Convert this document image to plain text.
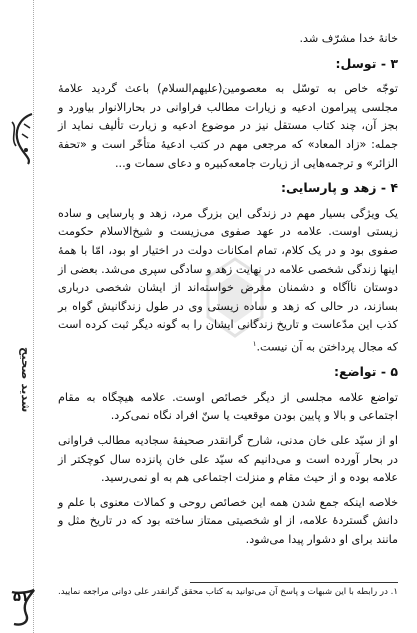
شدید صحیح
۵۱

خانهٔ خدا مشرّف شد.

۳ - توسل:

توجّه خاص به توسّل به معصومین(علیهم‌السلام) باعث گردید علامهٔ مجلسی پیرامون ادعیه و زیارات مطالب فراوانی در بحارالانوار بیاورد و بجز آن، چند کتاب مستقل نیز در موضوع ادعیه و زیارت تألیف نماید از جمله: «زاد المعاد» که مرجعی مهم در کتب ادعیهٔ متأخّر است و «تحفة الزائر» و ترجمه‌هایی از زیارت جامعه‌کبیره و دعای سمات و...

۴ - زهد و پارسایی:

یک ویژگی بسیار مهم در زندگی این بزرگ مرد، زهد و پارسایی و ساده زیستی اوست. علامه در عهد صفوی می‌زیست و شیخ‌الاسلام حکومت صفوی بود و در یک کلام، تمام امکانات دولت در اختیار او بود، امّا با همهٔ اینها زندگی شخصی علامه در نهایت زهد و سادگی سپری می‌شد. بعضی از دوستان ناآگاه و دشمنان مغرض خواسته‌اند از ایشان شخصی درباری بسازند، در حالی که زهد و ساده زیستی وی در طول زندگانیش گواه بر کذب این مدّعاست و تاریخ زندگانی ایشان را به گونه دیگر ثبت کرده است که مجال پرداختن به آن نیست.$^۱$

۵ - تواضع:

تواضع علامه مجلسی از دیگر خصائص اوست. علامه هیچگاه به مقام اجتماعی و بالا و پایین بودن موقعیت یا سنّ افراد نگاه نمی‌کرد.

او از سیّد علی خان مدنی، شارح گرانقدر صحیفهٔ سجادیه مطالب فراوانی در بحار آورده است و می‌دانیم که سیّد علی خان پانزده سال کوچکتر از علامه بوده و از حیث مقام و منزلت اجتماعی هم به او نمی‌رسید.

خلاصه اینکه جمع شدن همه این خصائص روحی و کمالات معنوی با علم و دانش گستردهٔ علامه، از او شخصیتی ممتاز ساخته بود که در تاریخ مثل و مانند برای او دشوار پیدا می‌شود.

۱. در رابطه با این شبهات و پاسخ آن می‌توانید به کتاب محقق گرانقدر علی دوانی مراجعه نمایید.
